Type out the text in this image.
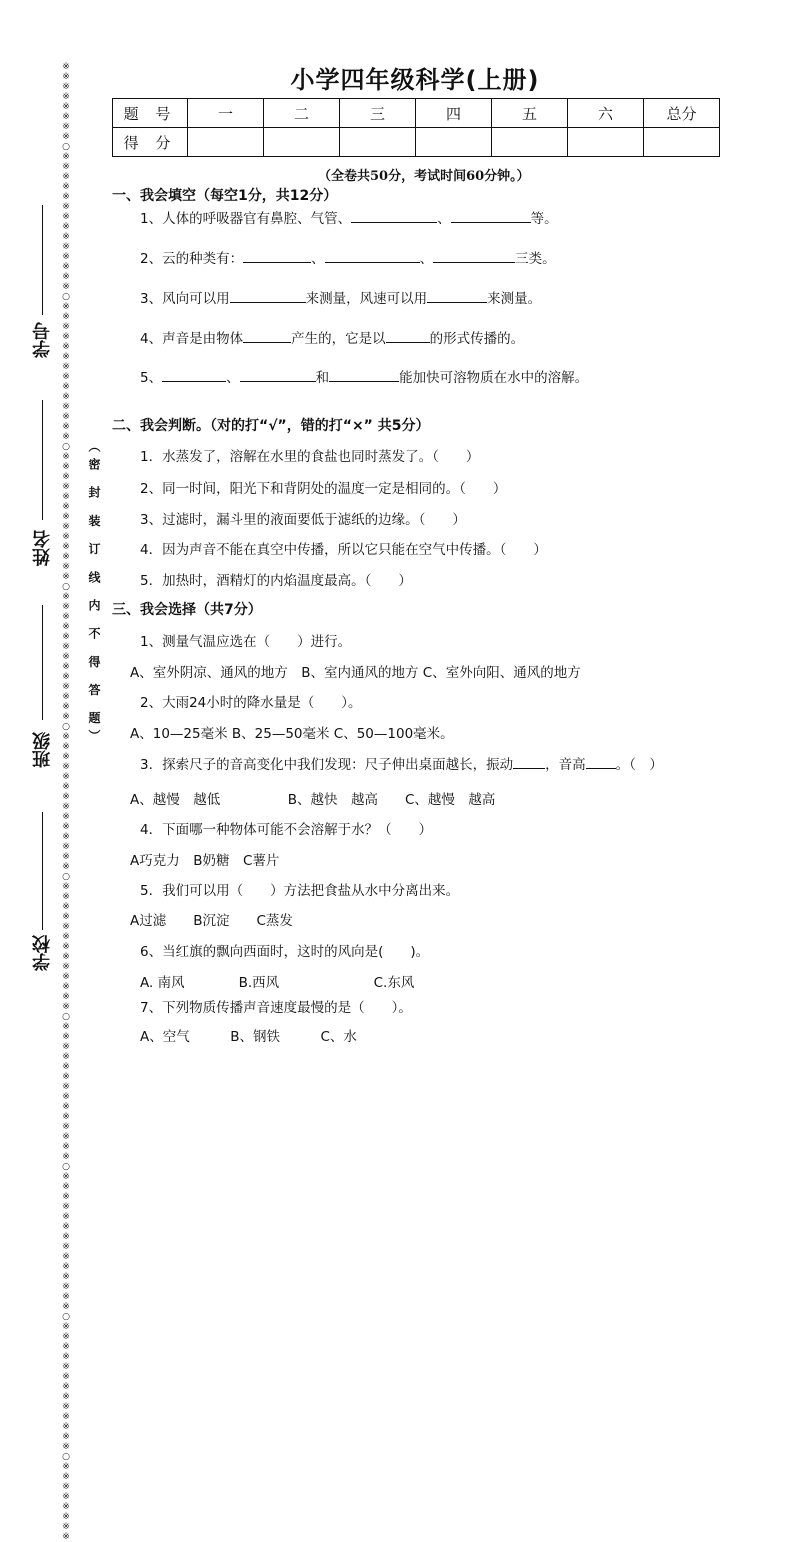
※※※※※※※※○※※※※※※※※※※※※※※○※※※※※※※※※※※※※※○※※※※※※※※※※※※※○※※※※※※※※※※※※※○※※※※※※※※※※※※※※○※※※※※※※※※※※※※○※※※※※※※※※※※※※※○※※※※※※※※※※※※※※○※※※※※※※※※※※※※○※※※※※※※※
学号
姓名
班级
学校
（密 封 装 订 线 内 不 得 答 题）
小学四年级科学(上册)
题 号	一	二	三	四	五	六	总分
得 分							
（全卷共50分，考试时间60分钟。）
一、我会填空（每空1分，共12分）
1、人体的呼吸器官有鼻腔、气管、	、	等。
2、云的种类有：	、	、	三类。
3、风向可以用	来测量，风速可以用	来测量。
4、声音是由物体	产生的，它是以	的形式传播的。
5、	、	和	能加快可溶物质在水中的溶解。
二、我会判断。（对的打“√”，错的打“×” 共5分）
1．水蒸发了，溶解在水里的食盐也同时蒸发了。（　　）
2、同一时间，阳光下和背阴处的温度一定是相同的。（　　）
3、过滤时，漏斗里的液面要低于滤纸的边缘。（　　）
4．因为声音不能在真空中传播，所以它只能在空气中传播。（　　）
5．加热时，酒精灯的内焰温度最高。（　　）
三、我会选择（共7分）
1、测量气温应选在（　　）进行。
A、室外阴凉、通风的地方　B、室内通风的地方 C、室外向阳、通风的地方
2、大雨24小时的降水量是（　　）。
A、10—25毫米 B、25—50毫米 C、50—100毫米。
3．探索尺子的音高变化中我们发现：尺子伸出桌面越长，振动 ，音高 。（　）
A、越慢　越低　　　　　B、越快　越高　　C、越慢　越高
4．下面哪一种物体可能不会溶解于水？（　　）
A巧克力　B奶糖　C薯片
5．我们可以用（　　）方法把食盐从水中分离出来。
A过滤　　B沉淀　　C蒸发
6、当红旗的飘向西面时，这时的风向是(　　)。
A. 南风　　　　B.西风　　　　　　　C.东风
7、下列物质传播声音速度最慢的是（　　）。
A、空气　　　B、钢铁　　　C、水
